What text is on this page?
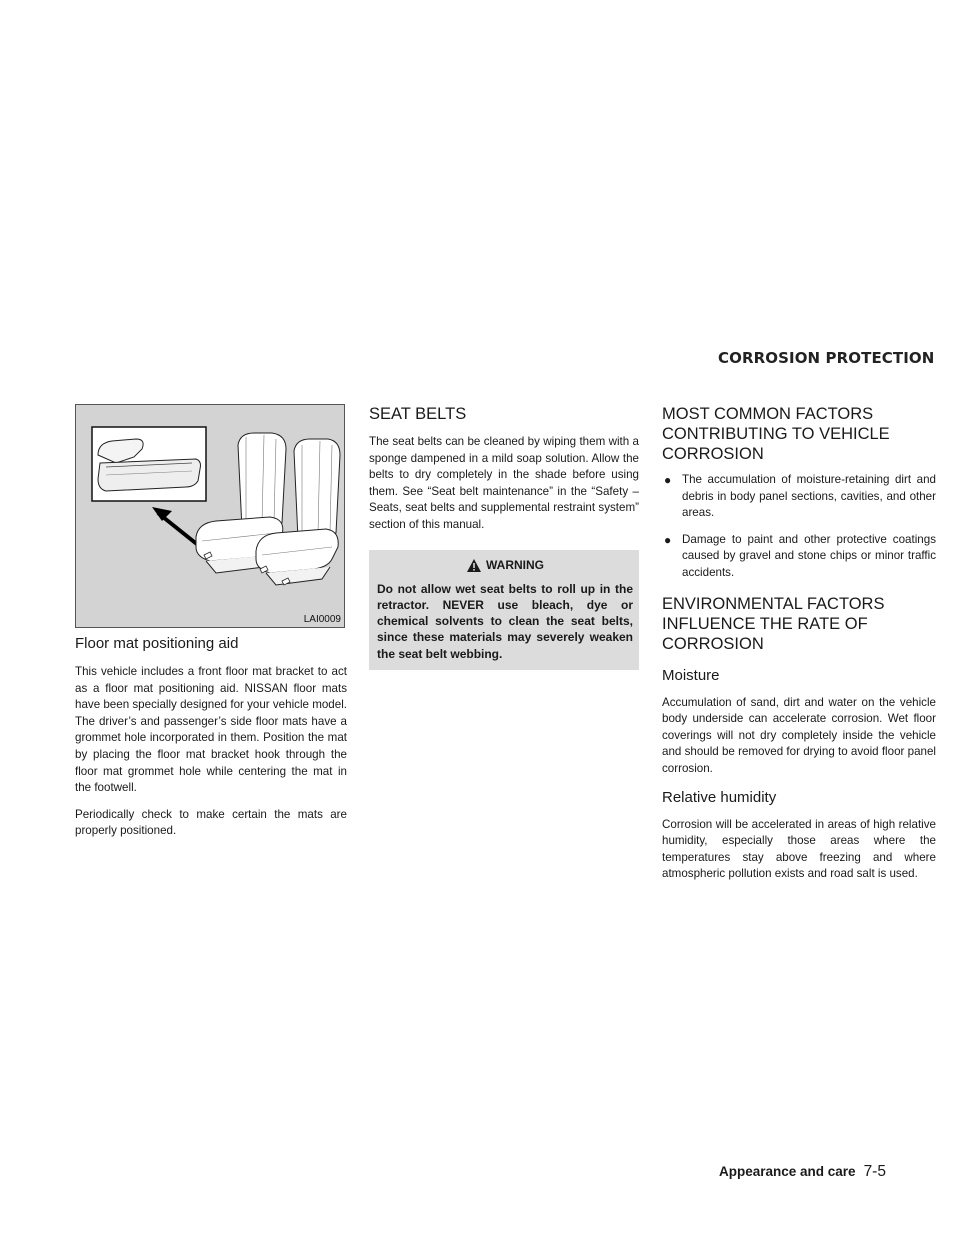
CORROSION PROTECTION
LAI0009
Floor mat positioning aid

This vehicle includes a front floor mat bracket to act as a floor mat positioning aid. NISSAN floor mats have been specially designed for your vehicle model. The driver’s and passenger’s side floor mats have a grommet hole incorporated in them. Position the mat by placing the floor mat bracket hook through the floor mat grommet hole while centering the mat in the footwell.

Periodically check to make certain the mats are properly positioned.

SEAT BELTS

The seat belts can be cleaned by wiping them with a sponge dampened in a mild soap solution. Allow the belts to dry completely in the shade before using them. See “Seat belt maintenance” in the “Safety – Seats, seat belts and supplemental restraint system” section of this manual.

WARNING
Do not allow wet seat belts to roll up in the retractor. NEVER use bleach, dye or chemical solvents to clean the seat belts, since these materials may severely weaken the seat belt webbing.
MOST COMMON FACTORS CONTRIBUTING TO VEHICLE CORROSION
● The accumulation of moisture-retaining dirt and debris in body panel sections, cavities, and other areas.
● Damage to paint and other protective coatings caused by gravel and stone chips or minor traffic accidents.
ENVIRONMENTAL FACTORS INFLUENCE THE RATE OF CORROSION
Moisture

Accumulation of sand, dirt and water on the vehicle body underside can accelerate corrosion. Wet floor coverings will not dry completely inside the vehicle and should be removed for drying to avoid floor panel corrosion.

Relative humidity

Corrosion will be accelerated in areas of high relative humidity, especially those areas where the temperatures stay above freezing and where atmospheric pollution exists and road salt is used.

Appearance and care 7-5
